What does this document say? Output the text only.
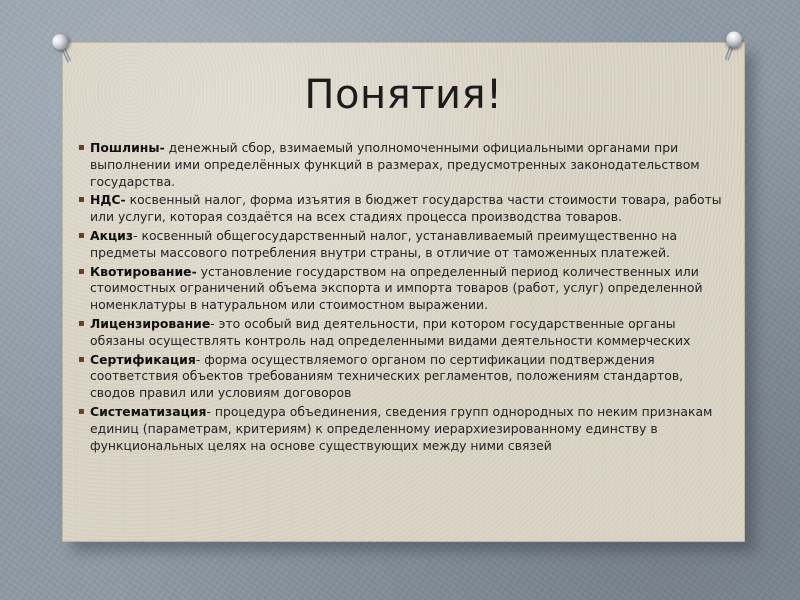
Понятия!
▪ Пошлины- денежный сбор, взимаемый уполномоченными официальными органами при выполнении ими определённых функций в размерах, предусмотренных законодательством государства.
▪ НДС- косвенный налог, форма изъятия в бюджет государства части стоимости товара, работы или услуги, которая создаётся на всех стадиях процесса производства товаров.
▪ Акциз- косвенный общегосударственный налог, устанавливаемый преимущественно на предметы массового потребления внутри страны, в отличие от таможенных платежей.
▪ Квотирование- установление государством на определенный период количественных или стоимостных ограничений объема экспорта и импорта товаров (работ, услуг) определенной номенклатуры в натуральном или стоимостном выражении.
▪ Лицензирование- это особый вид деятельности, при котором государственные органы обязаны осуществлять контроль над определенными видами деятельности коммерческих
▪ Сертификация- форма осуществляемого органом по сертификации подтверждения соответствия объектов требованиям технических регламентов, положениям стандартов, сводов правил или условиям договоров
▪ Систематизация- процедура объединения, сведения групп однородных по неким признакам единиц (параметрам, критериям) к определенному иерархиезированному единству в функциональных целях на основе существующих между ними связей
